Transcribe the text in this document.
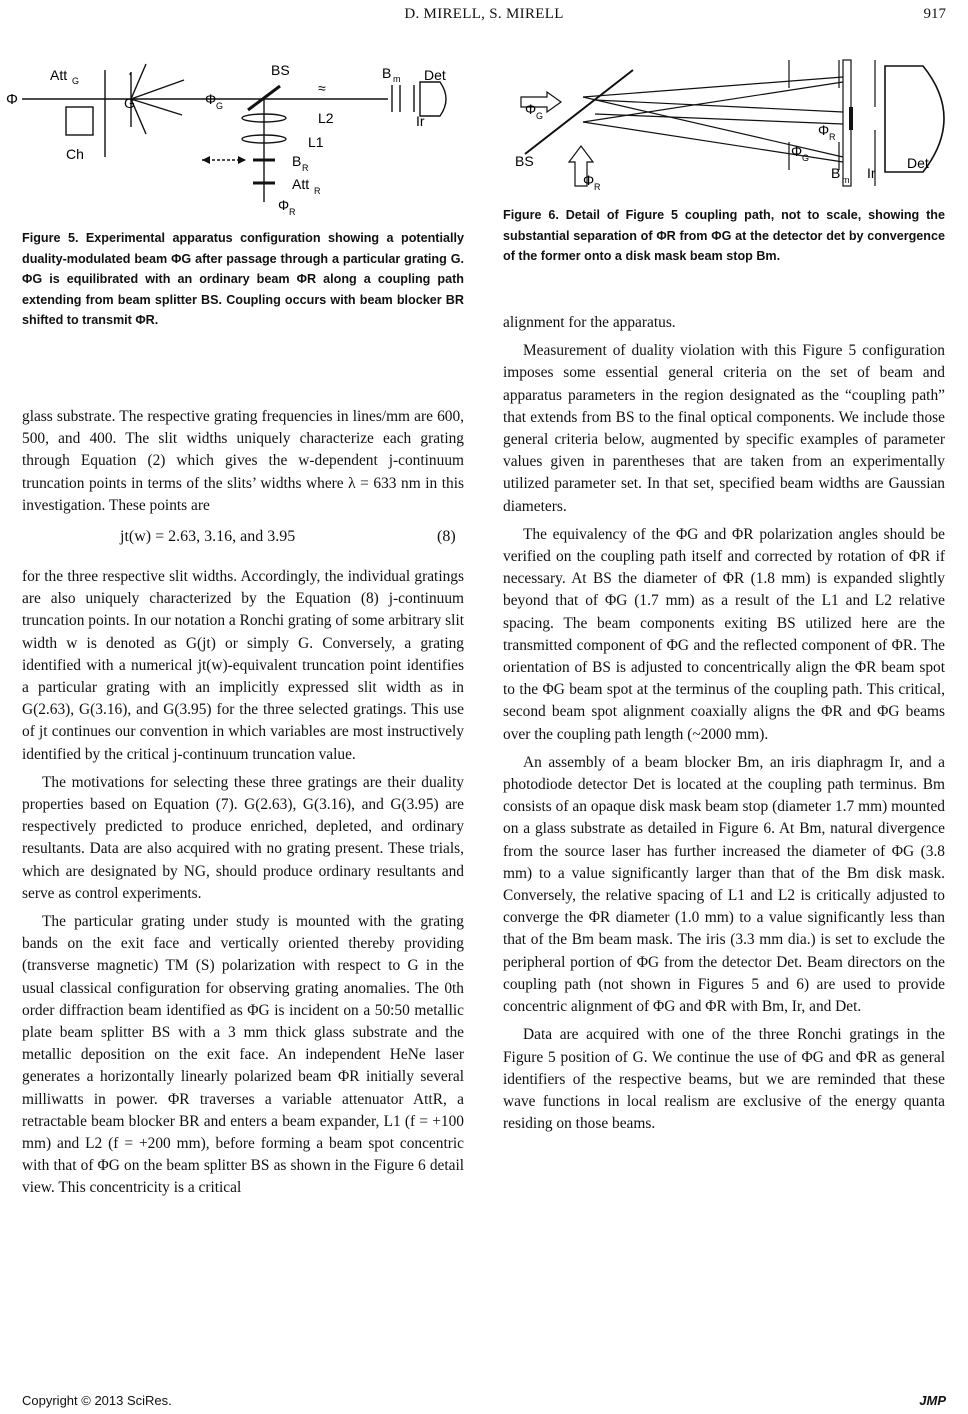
D. MIRELL, S. MIRELL	917
Att G
Φ	G
Ch
Φ G
BS
≈
L2
L1
B m Det
Ir
B R
Att R
Φ R
Figure 5. Experimental apparatus configuration showing a potentially duality-modulated beam ΦG after passage through a particular grating G. ΦG is equilibrated with an ordinary beam ΦR along a coupling path extending from beam splitter BS. Coupling occurs with beam blocker BR shifted to transmit ΦR.
Φ G
BS
Φ R
Φ R
Φ G
B m Ir
Det
Figure 6. Detail of Figure 5 coupling path, not to scale, showing the substantial separation of ΦR from ΦG at the detector det by convergence of the former onto a disk mask beam stop Bm.

glass substrate. The respective grating frequencies in lines/mm are 600, 500, and 400. The slit widths uniquely characterize each grating through Equation (2) which gives the w-dependent j-continuum truncation points in terms of the slits’ widths where λ = 633 nm in this investigation. These points are

jt(w) = 2.63, 3.16, and 3.95	(8)

for the three respective slit widths. Accordingly, the individual gratings are also uniquely characterized by the Equation (8) j-continuum truncation points. In our notation a Ronchi grating of some arbitrary slit width w is denoted as G(jt) or simply G. Conversely, a grating identified with a numerical jt(w)-equivalent truncation point identifies a particular grating with an implicitly expressed slit width as in G(2.63), G(3.16), and G(3.95) for the three selected gratings. This use of jt continues our convention in which variables are most instructively identified by the critical j-continuum truncation value.

The motivations for selecting these three gratings are their duality properties based on Equation (7). G(2.63), G(3.16), and G(3.95) are respectively predicted to produce enriched, depleted, and ordinary resultants. Data are also acquired with no grating present. These trials, which are designated by NG, should produce ordinary resultants and serve as control experiments.

The particular grating under study is mounted with the grating bands on the exit face and vertically oriented thereby providing (transverse magnetic) TM (S) polarization with respect to G in the usual classical configuration for observing grating anomalies. The 0th order diffraction beam identified as ΦG is incident on a 50:50 metallic plate beam splitter BS with a 3 mm thick glass substrate and the metallic deposition on the exit face. An independent HeNe laser generates a horizontally linearly polarized beam ΦR initially several milliwatts in power. ΦR traverses a variable attenuator AttR, a retractable beam blocker BR and enters a beam expander, L1 (f = +100 mm) and L2 (f = +200 mm), before forming a beam spot concentric with that of ΦG on the beam splitter BS as shown in the Figure 6 detail view. This concentricity is a critical

alignment for the apparatus.

Measurement of duality violation with this Figure 5 configuration imposes some essential general criteria on the set of beam and apparatus parameters in the region designated as the “coupling path” that extends from BS to the final optical components. We include those general criteria below, augmented by specific examples of parameter values given in parentheses that are taken from an experimentally utilized parameter set. In that set, specified beam widths are Gaussian diameters.

The equivalency of the ΦG and ΦR polarization angles should be verified on the coupling path itself and corrected by rotation of ΦR if necessary. At BS the diameter of ΦR (1.8 mm) is expanded slightly beyond that of ΦG (1.7 mm) as a result of the L1 and L2 relative spacing. The beam components exiting BS utilized here are the transmitted component of ΦG and the reflected component of ΦR. The orientation of BS is adjusted to concentrically align the ΦR beam spot to the ΦG beam spot at the terminus of the coupling path. This critical, second beam spot alignment coaxially aligns the ΦR and ΦG beams over the coupling path length (~2000 mm).

An assembly of a beam blocker Bm, an iris diaphragm Ir, and a photodiode detector Det is located at the coupling path terminus. Bm consists of an opaque disk mask beam stop (diameter 1.7 mm) mounted on a glass substrate as detailed in Figure 6. At Bm, natural divergence from the source laser has further increased the diameter of ΦG (3.8 mm) to a value significantly larger than that of the Bm disk mask. Conversely, the relative spacing of L1 and L2 is critically adjusted to converge the ΦR diameter (1.0 mm) to a value significantly less than that of the Bm beam mask. The iris (3.3 mm dia.) is set to exclude the peripheral portion of ΦG from the detector Det. Beam directors on the coupling path (not shown in Figures 5 and 6) are used to provide concentric alignment of ΦG and ΦR with Bm, Ir, and Det.

Data are acquired with one of the three Ronchi gratings in the Figure 5 position of G. We continue the use of ΦG and ΦR as general identifiers of the respective beams, but we are reminded that these wave functions in local realism are exclusive of the energy quanta residing on those beams.

Copyright © 2013 SciRes.	JMP
